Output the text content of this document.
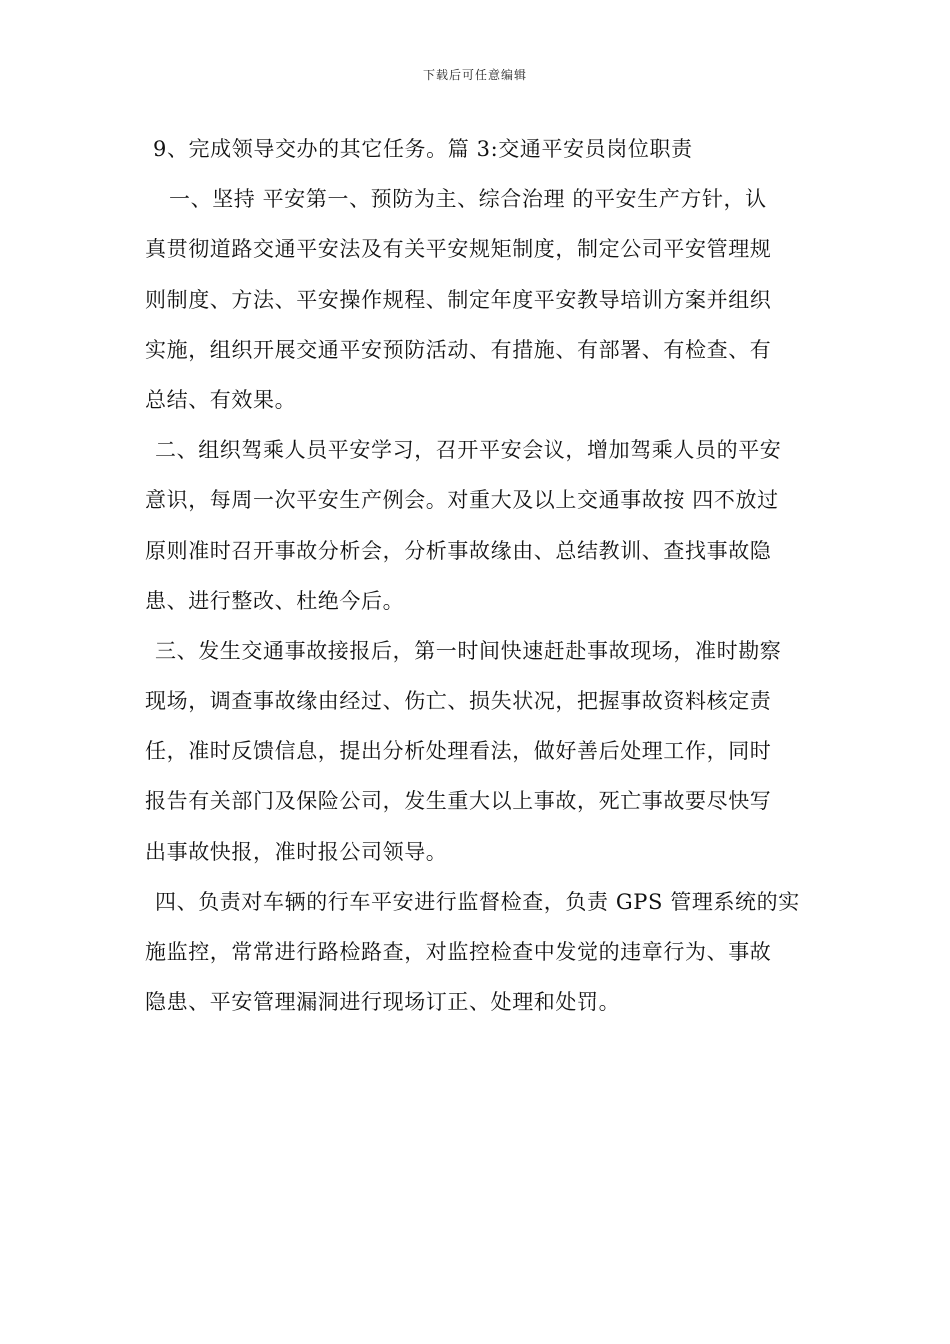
下载后可任意编辑
9、完成领导交办的其它任务。篇 3:交通平安员岗位职责
一、坚持 平安第一、预防为主、综合治理 的平安生产方针，认
真贯彻道路交通平安法及有关平安规矩制度，制定公司平安管理规
则制度、方法、平安操作规程、制定年度平安教导培训方案并组织
实施，组织开展交通平安预防活动、有措施、有部署、有检查、有
总结、有效果。
二、组织驾乘人员平安学习，召开平安会议，增加驾乘人员的平安
意识，每周一次平安生产例会。对重大及以上交通事故按 四不放过
原则准时召开事故分析会，分析事故缘由、总结教训、查找事故隐
患、进行整改、杜绝今后。
三、发生交通事故接报后，第一时间快速赶赴事故现场，准时勘察
现场，调查事故缘由经过、伤亡、损失状况，把握事故资料核定责
任，准时反馈信息，提出分析处理看法，做好善后处理工作，同时
报告有关部门及保险公司，发生重大以上事故，死亡事故要尽快写
出事故快报，准时报公司领导。
四、负责对车辆的行车平安进行监督检查，负责 GPS 管理系统的实
施监控，常常进行路检路查，对监控检查中发觉的违章行为、事故
隐患、平安管理漏洞进行现场订正、处理和处罚。
